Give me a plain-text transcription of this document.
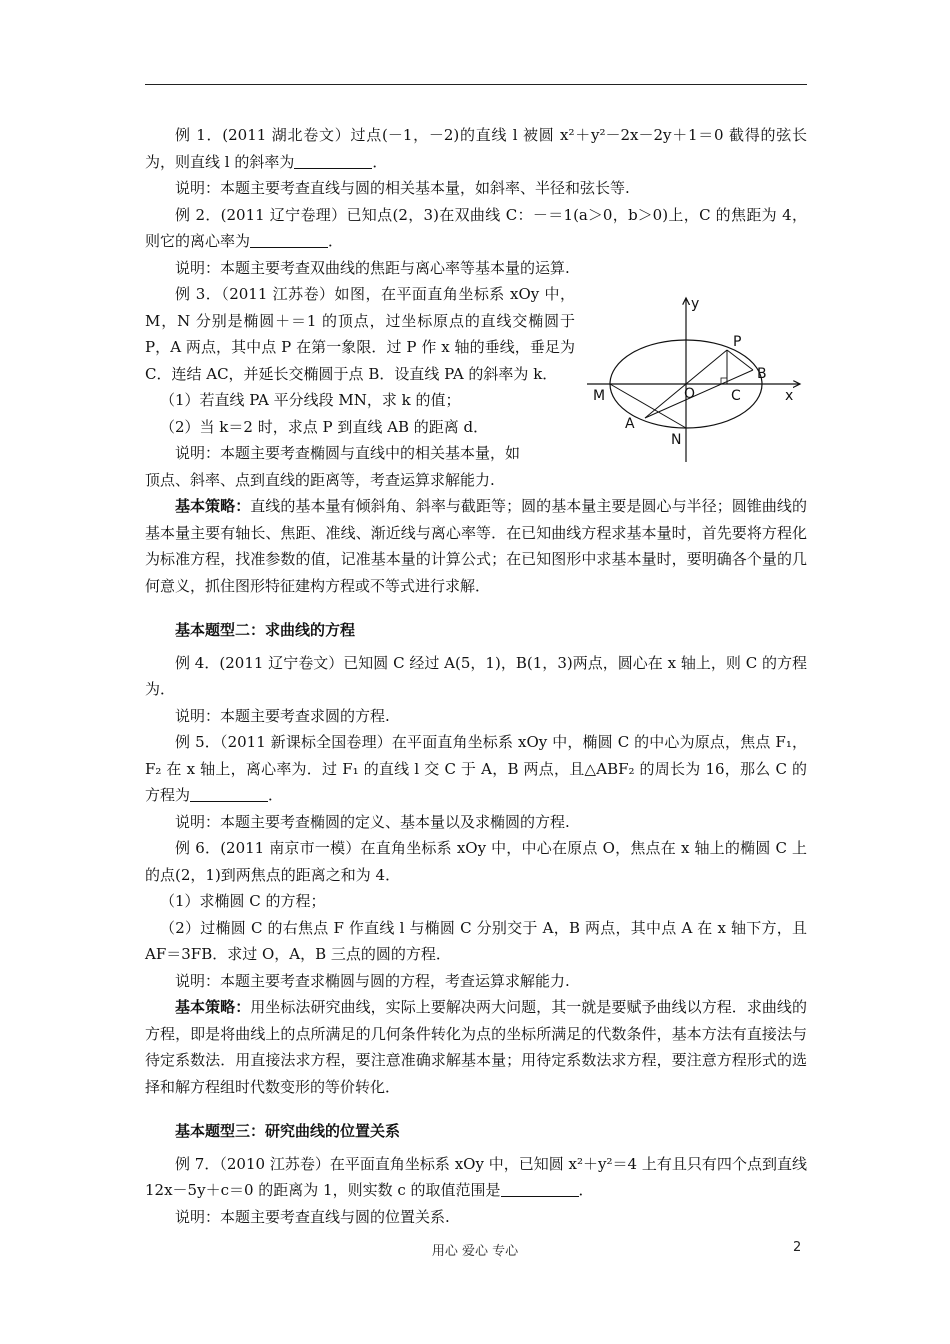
例 1．(2011 湖北卷文）过点(－1，－2)的直线 l 被圆 x²＋y²－2x－2y＋1＝0 截得的弦长为，则直线 l 的斜率为	．

说明：本题主要考查直线与圆的相关基本量，如斜率、半径和弦长等.

例 2．(2011 辽宁卷理）已知点(2，3)在双曲线 C：－＝1(a＞0，b＞0)上，C 的焦距为 4，则它的离心率为	．

说明：本题主要考查双曲线的焦距与离心率等基本量的运算.

例 3．（2011 江苏卷）如图，在平面直角坐标系 xOy 中，M，N 分别是椭圆＋＝1 的顶点，过坐标原点的直线交椭圆于 P，A 两点，其中点 P 在第一象限．过 P 作 x 轴的垂线，垂足为 C．连结 AC，并延长交椭圆于点 B．设直线 PA 的斜率为 k．

（1）若直线 PA 平分线段 MN，求 k 的值；

（2）当 k＝2 时，求点 P 到直线 AB 的距离 d．

说明：本题主要考查椭圆与直线中的相关基本量，如

顶点、斜率、点到直线的距离等，考查运算求解能力.

基本策略：直线的基本量有倾斜角、斜率与截距等；圆的基本量主要是圆心与半径；圆锥曲线的基本量主要有轴长、焦距、准线、渐近线与离心率等．在已知曲线方程求基本量时，首先要将方程化为标准方程，找准参数的值，记准基本量的计算公式；在已知图形中求基本量时，要明确各个量的几何意义，抓住图形特征建构方程或不等式进行求解．

基本题型二：求曲线的方程

例 4．(2011 辽宁卷文）已知圆 C 经过 A(5，1)，B(1，3)两点，圆心在 x 轴上，则 C 的方程为．

说明：本题主要考查求圆的方程.

例 5．（2011 新课标全国卷理）在平面直角坐标系 xOy 中，椭圆 C 的中心为原点，焦点 F₁，F₂ 在 x 轴上，离心率为．过 F₁ 的直线 l 交 C 于 A，B 两点，且△ABF₂ 的周长为 16，那么 C 的方程为	．

说明：本题主要考查椭圆的定义、基本量以及求椭圆的方程.

例 6．(2011 南京市一模）在直角坐标系 xOy 中，中心在原点 O，焦点在 x 轴上的椭圆 C 上的点(2，1)到两焦点的距离之和为 4．

（1）求椭圆 C 的方程；

（2）过椭圆 C 的右焦点 F 作直线 l 与椭圆 C 分别交于 A，B 两点，其中点 A 在 x 轴下方，且 AF＝3FB．求过 O，A，B 三点的圆的方程．

说明：本题主要考查求椭圆与圆的方程，考查运算求解能力.

基本策略：用坐标法研究曲线，实际上要解决两大问题，其一就是要赋予曲线以方程．求曲线的方程，即是将曲线上的点所满足的几何条件转化为点的坐标所满足的代数条件，基本方法有直接法与待定系数法．用直接法求方程，要注意准确求解基本量；用待定系数法求方程，要注意方程形式的选择和解方程组时代数变形的等价转化．

基本题型三：研究曲线的位置关系

例 7．（2010 江苏卷）在平面直角坐标系 xOy 中，已知圆 x²＋y²＝4 上有且只有四个点到直线 12x－5y＋c＝0 的距离为 1，则实数 c 的取值范围是	．

说明：本题主要考查直线与圆的位置关系.

y
x
O
P
B
C
M
A
N
用心 爱心 专心	2
